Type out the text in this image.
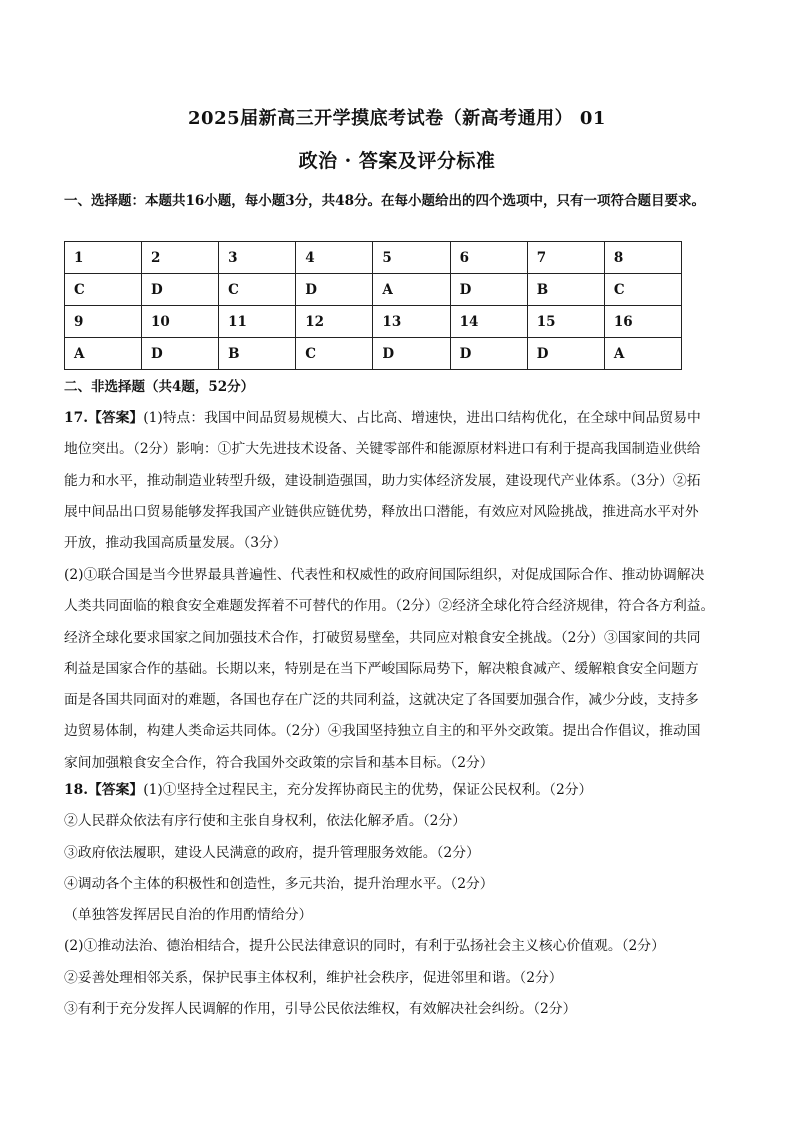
2025届新高三开学摸底考试卷（新高考通用） 01
政治 · 答案及评分标准
一、选择题：本题共16小题，每小题3分，共48分。在每小题给出的四个选项中，只有一项符合题目要求。
1	2	3	4	5	6	7	8
C	D	C	D	A	D	B	C
9	10	11	12	13	14	15	16
A	D	B	C	D	D	D	A
二、非选择题（共4题，52分）
17.【答案】(1)特点：我国中间品贸易规模大、占比高、增速快，进出口结构优化，在全球中间品贸易中
地位突出。（2分）影响：①扩大先进技术设备、关键零部件和能源原材料进口有利于提高我国制造业供给
能力和水平，推动制造业转型升级，建设制造强国，助力实体经济发展，建设现代产业体系。（3分）②拓
展中间品出口贸易能够发挥我国产业链供应链优势，释放出口潜能，有效应对风险挑战，推进高水平对外
开放，推动我国高质量发展。（3分）
(2)①联合国是当今世界最具普遍性、代表性和权威性的政府间国际组织，对促成国际合作、推动协调解决
人类共同面临的粮食安全难题发挥着不可替代的作用。（2分）②经济全球化符合经济规律，符合各方利益。
经济全球化要求国家之间加强技术合作，打破贸易壁垒，共同应对粮食安全挑战。（2分）③国家间的共同
利益是国家合作的基础。长期以来，特别是在当下严峻国际局势下，解决粮食减产、缓解粮食安全问题方
面是各国共同面对的难题，各国也存在广泛的共同利益，这就决定了各国要加强合作，减少分歧，支持多
边贸易体制，构建人类命运共同体。（2分）④我国坚持独立自主的和平外交政策。提出合作倡议，推动国
家间加强粮食安全合作，符合我国外交政策的宗旨和基本目标。（2分）
18.【答案】(1)①坚持全过程民主，充分发挥协商民主的优势，保证公民权利。（2分）
②人民群众依法有序行使和主张自身权利，依法化解矛盾。（2分）
③政府依法履职，建设人民满意的政府，提升管理服务效能。（2分）
④调动各个主体的积极性和创造性，多元共治，提升治理水平。（2分）
（单独答发挥居民自治的作用酌情给分）
(2)①推动法治、德治相结合，提升公民法律意识的同时，有利于弘扬社会主义核心价值观。（2分）
②妥善处理相邻关系，保护民事主体权利，维护社会秩序，促进邻里和谐。（2分）
③有利于充分发挥人民调解的作用，引导公民依法维权，有效解决社会纠纷。（2分）
